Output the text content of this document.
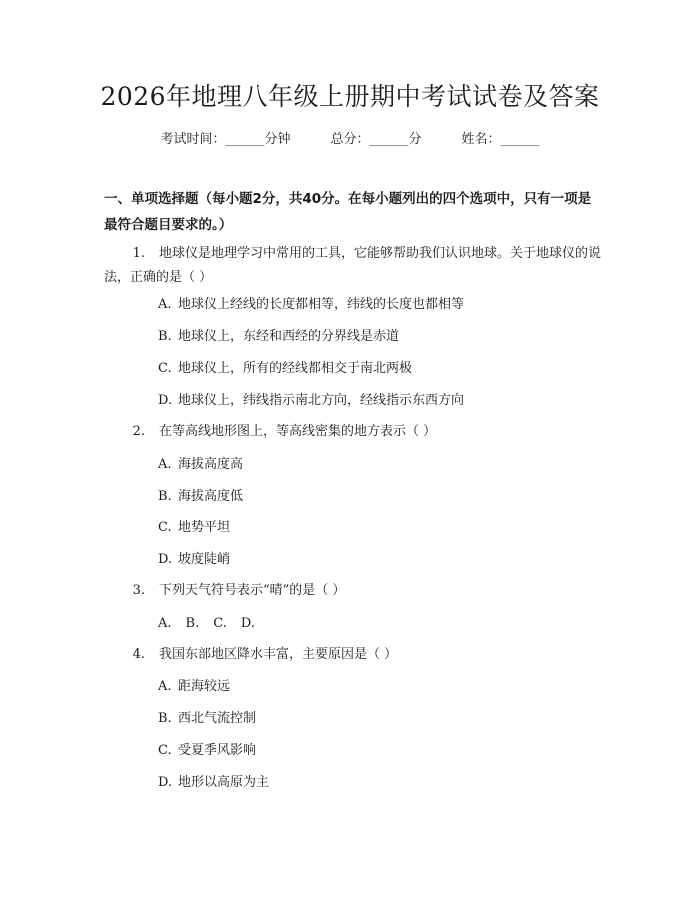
2026年地理八年级上册期中考试试卷及答案
考试时间：______分钟	总分：______分	姓名：______
一、单项选择题（每小题2分，共40分。在每小题列出的四个选项中，只有一项是最符合题目要求的。）
1. 地球仪是地理学习中常用的工具，它能够帮助我们认识地球。关于地球仪的说法，正确的是（ ）
A. 地球仪上经线的长度都相等，纬线的长度也都相等
B. 地球仪上，东经和西经的分界线是赤道
C. 地球仪上，所有的经线都相交于南北两极
D. 地球仪上，纬线指示南北方向，经线指示东西方向
2. 在等高线地形图上，等高线密集的地方表示（ ）
A. 海拔高度高
B. 海拔高度低
C. 地势平坦
D. 坡度陡峭
3. 下列天气符号表示“晴”的是（ ）
A. B. C. D.
4. 我国东部地区降水丰富，主要原因是（ ）
A. 距海较远
B. 西北气流控制
C. 受夏季风影响
D. 地形以高原为主
